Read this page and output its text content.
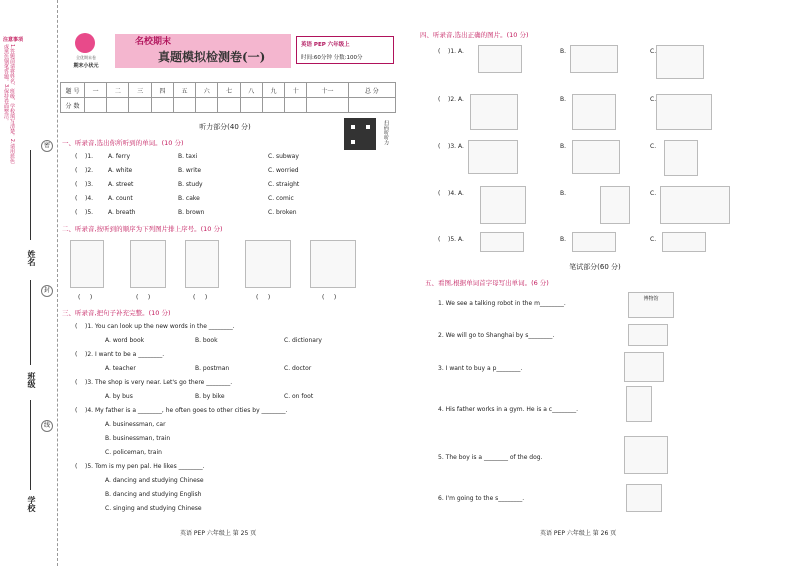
注意事项
1.答题前请将姓名、班级、学校填写清楚。2.请用蓝色或黑色钢笔答题。3.保持卷面整洁。
姓名
班级
学校
密
封
线
全优期末卷
期末小状元
名校期末
真题模拟检测卷(一)
英语 PEP 六年级上
时间:60分钟 分数:100分
题 号	一	二	三	四	五	六	七	八	九	十	十一	总 分
分 数												
听力部分(40 分)	扫码听听力
一、听录音,选出你所听到的单词。(10 分)
(    )1. A. ferry	B. taxi	C. subway
(    )2. A. white	B. write	C. worried
(    )3. A. street	B. study	C. straight
(    )4. A. count	B. cake	C. comic
(    )5. A. breath	B. brown	C. broken
二、听录音,按听到的顺序为下列图片排上序号。(10 分)
(     )	(     )	(     )	(     )	(     )
三、听录音,把句子补充完整。(10 分)
(    )1. You can look up the new words in the ________.
A. word book	B. book	C. dictionary
(    )2. I want to be a ________.
A. teacher	B. postman	C. doctor
(    )3. The shop is very near. Let's go there ________.
A. by bus	B. by bike	C. on foot
(    )4. My father is a ________, he often goes to other cities by ________.
A. businessman, car
B. businessman, train
C. policeman, train
(    )5. Tom is my pen pal. He likes ________.
A. dancing and studying Chinese
B. dancing and studying English
C. singing and studying Chinese
英语 PEP 六年级上 第 25 页
四、听录音,选出正确的图片。(10 分)
(    )1. A.	B.	C.
(    )2. A.	B.	C.
(    )3. A.	B.	C.
(    )4. A.	B.	C.
(    )5. A.	B.	C.
笔试部分(60 分)
五、看图,根据单词首字母写出单词。(6 分)
1. We see a talking robot in the m________.
博物馆
2. We will go to Shanghai by s________.
3. I want to buy a p________.
4. His father works in a gym. He is a c________.
5. The boy is a ________ of the dog.
6. I'm going to the s________.
英语 PEP 六年级上 第 26 页
